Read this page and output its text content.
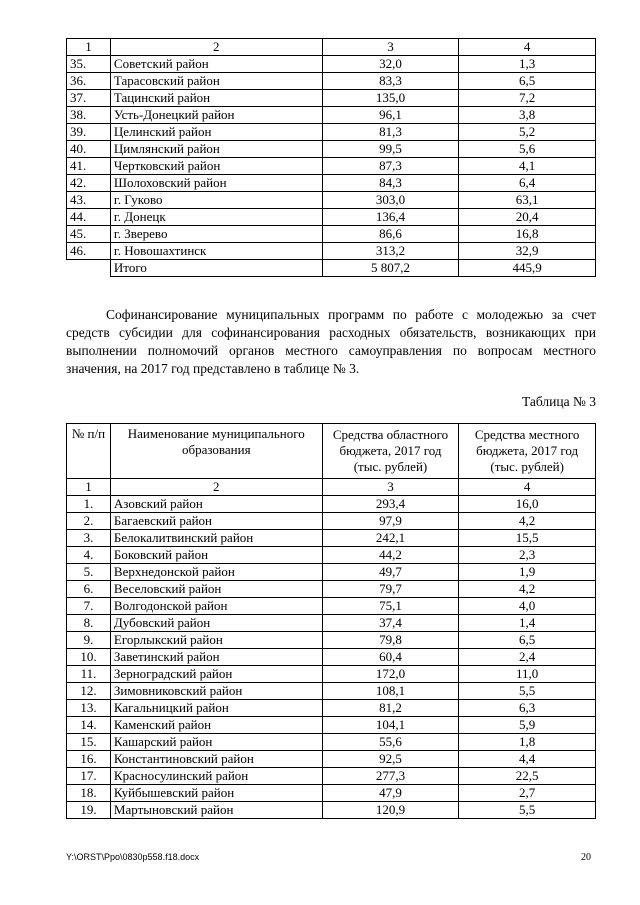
1	2	3	4
35.	Советский район	32,0	1,3
36.	Тарасовский район	83,3	6,5
37.	Тацинский район	135,0	7,2
38.	Усть-Донецкий район	96,1	3,8
39.	Целинский район	81,3	5,2
40.	Цимлянский район	99,5	5,6
41.	Чертковский район	87,3	4,1
42.	Шолоховский район	84,3	6,4
43.	г. Гуково	303,0	63,1
44.	г. Донецк	136,4	20,4
45.	г. Зверево	86,6	16,8
46.	г. Новошахтинск	313,2	32,9
	Итого	5 807,2	445,9
Софинансирование муниципальных программ по работе с молодежью за счет средств субсидии для софинансирования расходных обязательств, возникающих при выполнении полномочий органов местного самоуправления по вопросам местного значения, на 2017 год представлено в таблице № 3.
Таблица № 3
№ п/п	Наименование муниципального образования	Средства областного бюджета, 2017 год (тыс. рублей)	Средства местного бюджета, 2017 год (тыс. рублей)
1	2	3	4
1.	Азовский район	293,4	16,0
2.	Багаевский район	97,9	4,2
3.	Белокалитвинский район	242,1	15,5
4.	Боковский район	44,2	2,3
5.	Верхнедонской район	49,7	1,9
6.	Веселовский район	79,7	4,2
7.	Волгодонской район	75,1	4,0
8.	Дубовский район	37,4	1,4
9.	Егорлыкский район	79,8	6,5
10.	Заветинский район	60,4	2,4
11.	Зерноградский район	172,0	11,0
12.	Зимовниковский район	108,1	5,5
13.	Кагальницкий район	81,2	6,3
14.	Каменский район	104,1	5,9
15.	Кашарский район	55,6	1,8
16.	Константиновский район	92,5	4,4
17.	Красносулинский район	277,3	22,5
18.	Куйбышевский район	47,9	2,7
19.	Мартыновский район	120,9	5,5
Y:\ORST\Ppo\0830p558.f18.docx	20
